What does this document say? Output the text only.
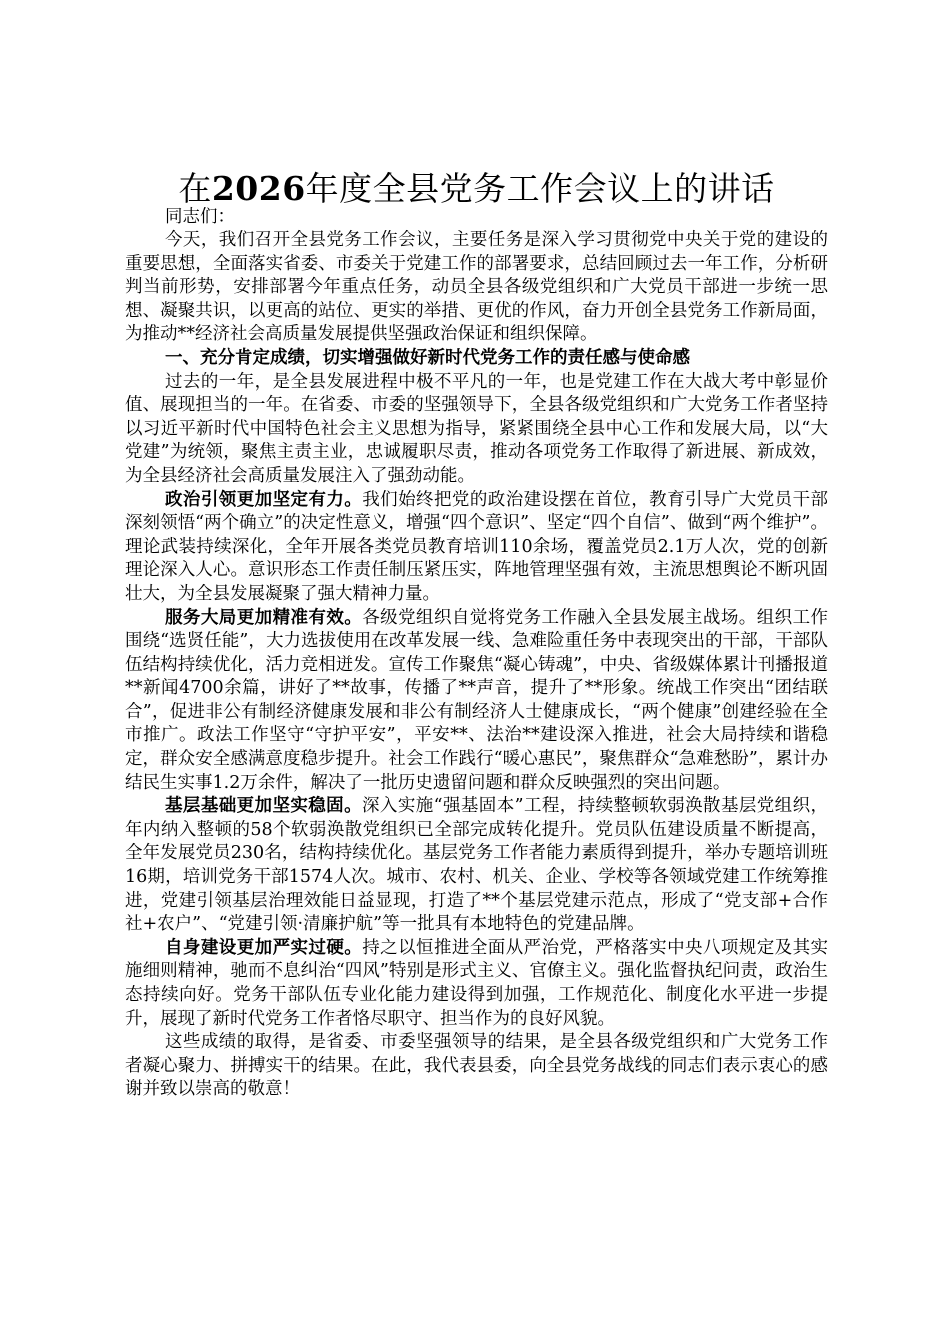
在2026年度全县党务工作会议上的讲话
同志们：

今天，我们召开全县党务工作会议，主要任务是深入学习贯彻党中央关于党的建设的重要思想，全面落实省委、市委关于党建工作的部署要求，总结回顾过去一年工作，分析研判当前形势，安排部署今年重点任务，动员全县各级党组织和广大党员干部进一步统一思想、凝聚共识，以更高的站位、更实的举措、更优的作风，奋力开创全县党务工作新局面，为推动**经济社会高质量发展提供坚强政治保证和组织保障。

一、充分肯定成绩，切实增强做好新时代党务工作的责任感与使命感

过去的一年，是全县发展进程中极不平凡的一年，也是党建工作在大战大考中彰显价值、展现担当的一年。在省委、市委的坚强领导下，全县各级党组织和广大党务工作者坚持以习近平新时代中国特色社会主义思想为指导，紧紧围绕全县中心工作和发展大局，以“大党建”为统领，聚焦主责主业，忠诚履职尽责，推动各项党务工作取得了新进展、新成效，为全县经济社会高质量发展注入了强劲动能。

政治引领更加坚定有力。我们始终把党的政治建设摆在首位，教育引导广大党员干部深刻领悟“两个确立”的决定性意义，增强“四个意识”、坚定“四个自信”、做到“两个维护”。理论武装持续深化，全年开展各类党员教育培训110余场，覆盖党员2.1万人次，党的创新理论深入人心。意识形态工作责任制压紧压实，阵地管理坚强有效，主流思想舆论不断巩固壮大，为全县发展凝聚了强大精神力量。

服务大局更加精准有效。各级党组织自觉将党务工作融入全县发展主战场。组织工作围绕“选贤任能”，大力选拔使用在改革发展一线、急难险重任务中表现突出的干部，干部队伍结构持续优化，活力竞相迸发。宣传工作聚焦“凝心铸魂”，中央、省级媒体累计刊播报道**新闻4700余篇，讲好了**故事，传播了**声音，提升了**形象。统战工作突出“团结联合”，促进非公有制经济健康发展和非公有制经济人士健康成长，“两个健康”创建经验在全市推广。政法工作坚守“守护平安”，平安**、法治**建设深入推进，社会大局持续和谐稳定，群众安全感满意度稳步提升。社会工作践行“暖心惠民”，聚焦群众“急难愁盼”，累计办结民生实事1.2万余件，解决了一批历史遗留问题和群众反映强烈的突出问题。

基层基础更加坚实稳固。深入实施“强基固本”工程，持续整顿软弱涣散基层党组织，年内纳入整顿的58个软弱涣散党组织已全部完成转化提升。党员队伍建设质量不断提高，全年发展党员230名，结构持续优化。基层党务工作者能力素质得到提升，举办专题培训班16期，培训党务干部1574人次。城市、农村、机关、企业、学校等各领域党建工作统筹推进，党建引领基层治理效能日益显现，打造了**个基层党建示范点，形成了“党支部+合作社+农户”、“党建引领·清廉护航”等一批具有本地特色的党建品牌。

自身建设更加严实过硬。持之以恒推进全面从严治党，严格落实中央八项规定及其实施细则精神，驰而不息纠治“四风”特别是形式主义、官僚主义。强化监督执纪问责，政治生态持续向好。党务干部队伍专业化能力建设得到加强，工作规范化、制度化水平进一步提升，展现了新时代党务工作者恪尽职守、担当作为的良好风貌。

这些成绩的取得，是省委、市委坚强领导的结果，是全县各级党组织和广大党务工作者凝心聚力、拼搏实干的结果。在此，我代表县委，向全县党务战线的同志们表示衷心的感谢并致以崇高的敬意！
